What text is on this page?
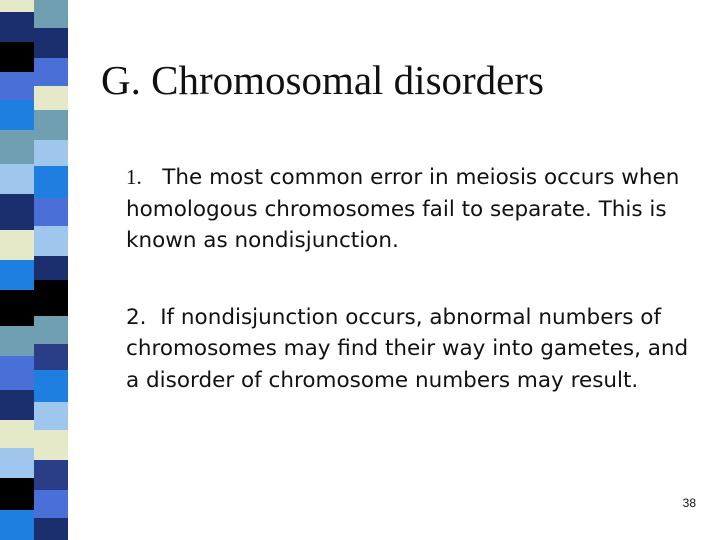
G. Chromosomal disorders

1. The most common error in meiosis occurs when homologous chromosomes fail to separate. This is known as nondisjunction.

2. If nondisjunction occurs, abnormal numbers of chromosomes may find their way into gametes, and a disorder of chromosome numbers may result.

38
